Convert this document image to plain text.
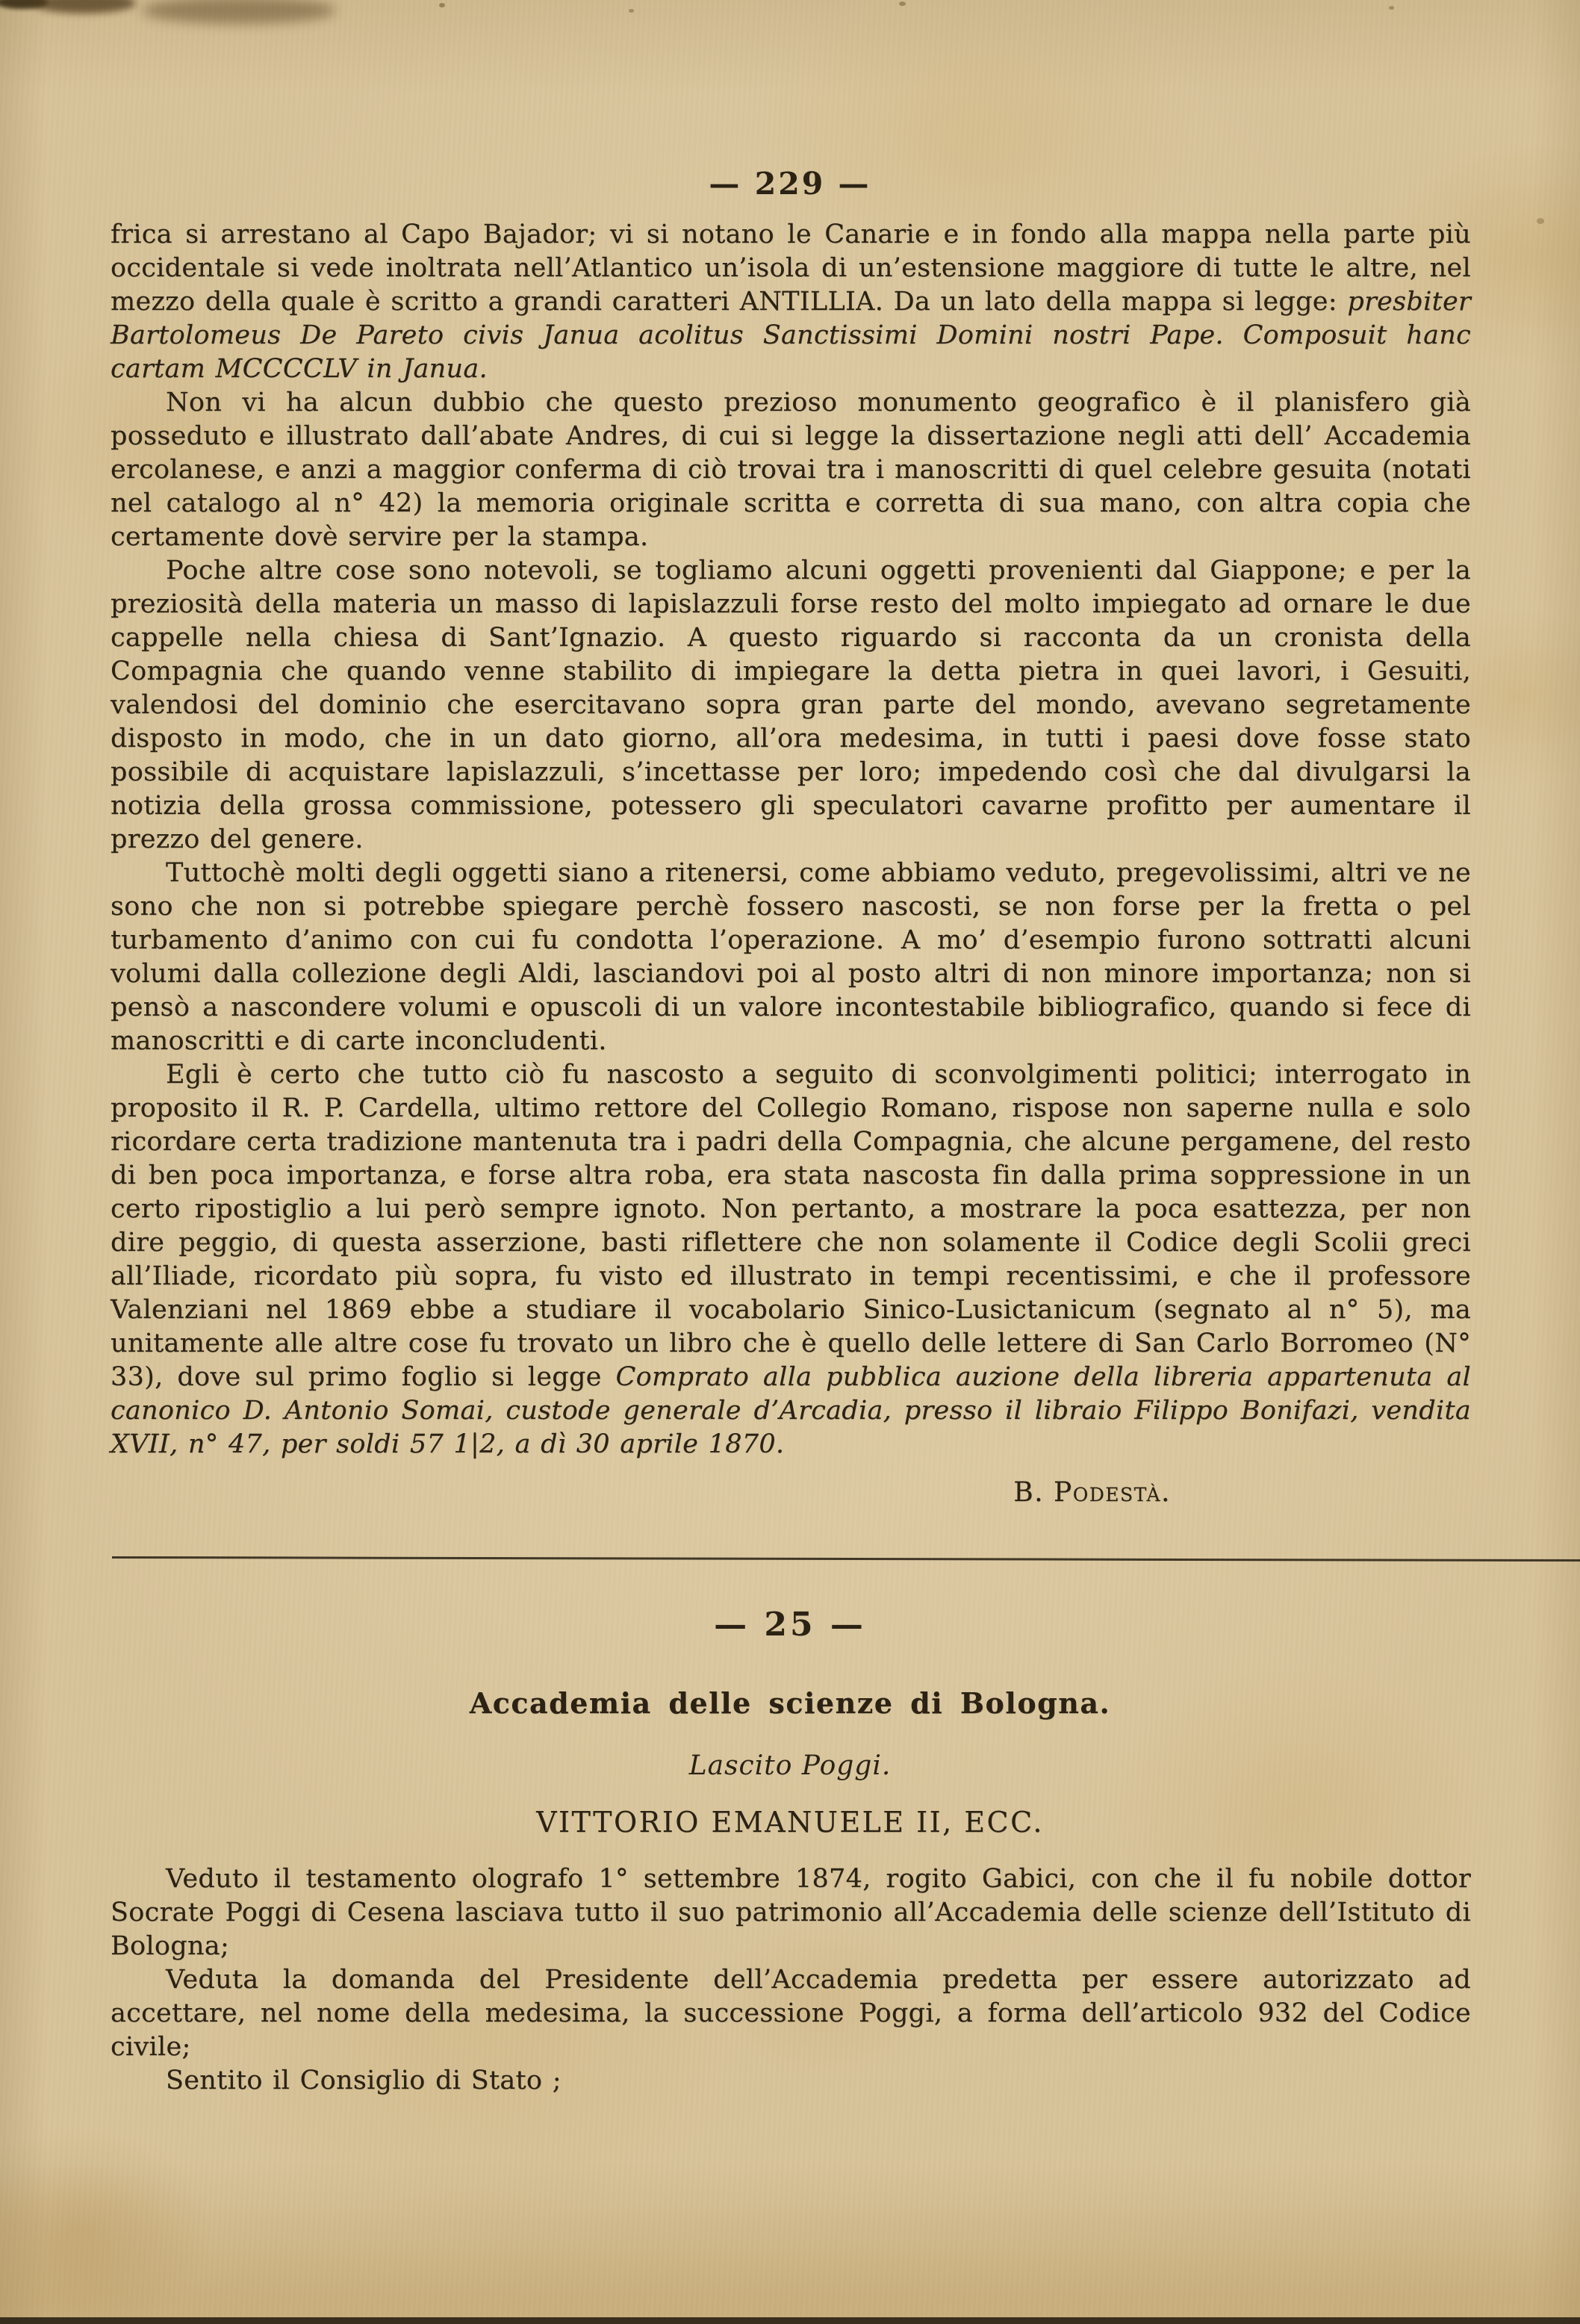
— 229 —

frica si arrestano al Capo Bajador; vi si notano le Canarie e in fondo alla mappa nella parte più occidentale si vede inoltrata nell’Atlantico un’isola di un’estensione maggiore di tutte le altre, nel mezzo della quale è scritto a grandi caratteri ANTILLIA. Da un lato della mappa si legge: presbiter Bartolomeus De Pareto civis Janua acolitus Sanctissimi Domini nostri Pape. Composuit hanc cartam MCCCCLV in Janua.

Non vi ha alcun dubbio che questo prezioso monumento geografico è il planisfero già posseduto e illustrato dall’abate Andres, di cui si legge la dissertazione negli atti dell’ Accademia ercolanese, e anzi a maggior conferma di ciò trovai tra i manoscritti di quel celebre gesuita (notati nel catalogo al n° 42) la memoria originale scritta e corretta di sua mano, con altra copia che certamente dovè servire per la stampa.

Poche altre cose sono notevoli, se togliamo alcuni oggetti provenienti dal Giappone; e per la preziosità della materia un masso di lapislazzuli forse resto del molto impiegato ad ornare le due cappelle nella chiesa di Sant’Ignazio. A questo riguardo si racconta da un cronista della Compagnia che quando venne stabilito di impiegare la detta pietra in quei lavori, i Gesuiti, valendosi del dominio che esercitavano sopra gran parte del mondo, avevano segretamente disposto in modo, che in un dato giorno, all’ora medesima, in tutti i paesi dove fosse stato possibile di acquistare lapislazzuli, s’incettasse per loro; impedendo così che dal divulgarsi la notizia della grossa commissione, potessero gli speculatori cavarne profitto per aumentare il prezzo del genere.

Tuttochè molti degli oggetti siano a ritenersi, come abbiamo veduto, pregevolissimi, altri ve ne sono che non si potrebbe spiegare perchè fossero nascosti, se non forse per la fretta o pel turbamento d’animo con cui fu condotta l’operazione. A mo’ d’esempio furono sottratti alcuni volumi dalla collezione degli Aldi, lasciandovi poi al posto altri di non minore importanza; non si pensò a nascondere volumi e opuscoli di un valore incontestabile bibliografico, quando si fece di manoscritti e di carte inconcludenti.

Egli è certo che tutto ciò fu nascosto a seguito di sconvolgimenti politici; interrogato in proposito il R. P. Cardella, ultimo rettore del Collegio Romano, rispose non saperne nulla e solo ricordare certa tradizione mantenuta tra i padri della Compagnia, che alcune pergamene, del resto di ben poca importanza, e forse altra roba, era stata nascosta fin dalla prima soppressione in un certo ripostiglio a lui però sempre ignoto. Non pertanto, a mostrare la poca esattezza, per non dire peggio, di questa asserzione, basti riflettere che non solamente il Codice degli Scolii greci all’Iliade, ricordato più sopra, fu visto ed illustrato in tempi recentissimi, e che il professore Valenziani nel 1869 ebbe a studiare il vocabolario Sinico-Lusictanicum (segnato al n° 5), ma unitamente alle altre cose fu trovato un libro che è quello delle lettere di San Carlo Borromeo (N° 33), dove sul primo foglio si legge Comprato alla pubblica auzione della libreria appartenuta al canonico D. Antonio Somai, custode generale d’Arcadia, presso il libraio Filippo Bonifazi, vendita XVII, n° 47, per soldi 57 1|2, a dì 30 aprile 1870.

B. Podestà.
— 25 —
Accademia delle scienze di Bologna.
Lascito Poggi.
VITTORIO EMANUELE II, ECC.

Veduto il testamento olografo 1° settembre 1874, rogito Gabici, con che il fu nobile dottor Socrate Poggi di Cesena lasciava tutto il suo patrimonio all’Accademia delle scienze dell’Istituto di Bologna;

Veduta la domanda del Presidente dell’Accademia predetta per essere autorizzato ad accettare, nel nome della medesima, la successione Poggi, a forma dell’articolo 932 del Codice civile;

Sentito il Consiglio di Stato ;
